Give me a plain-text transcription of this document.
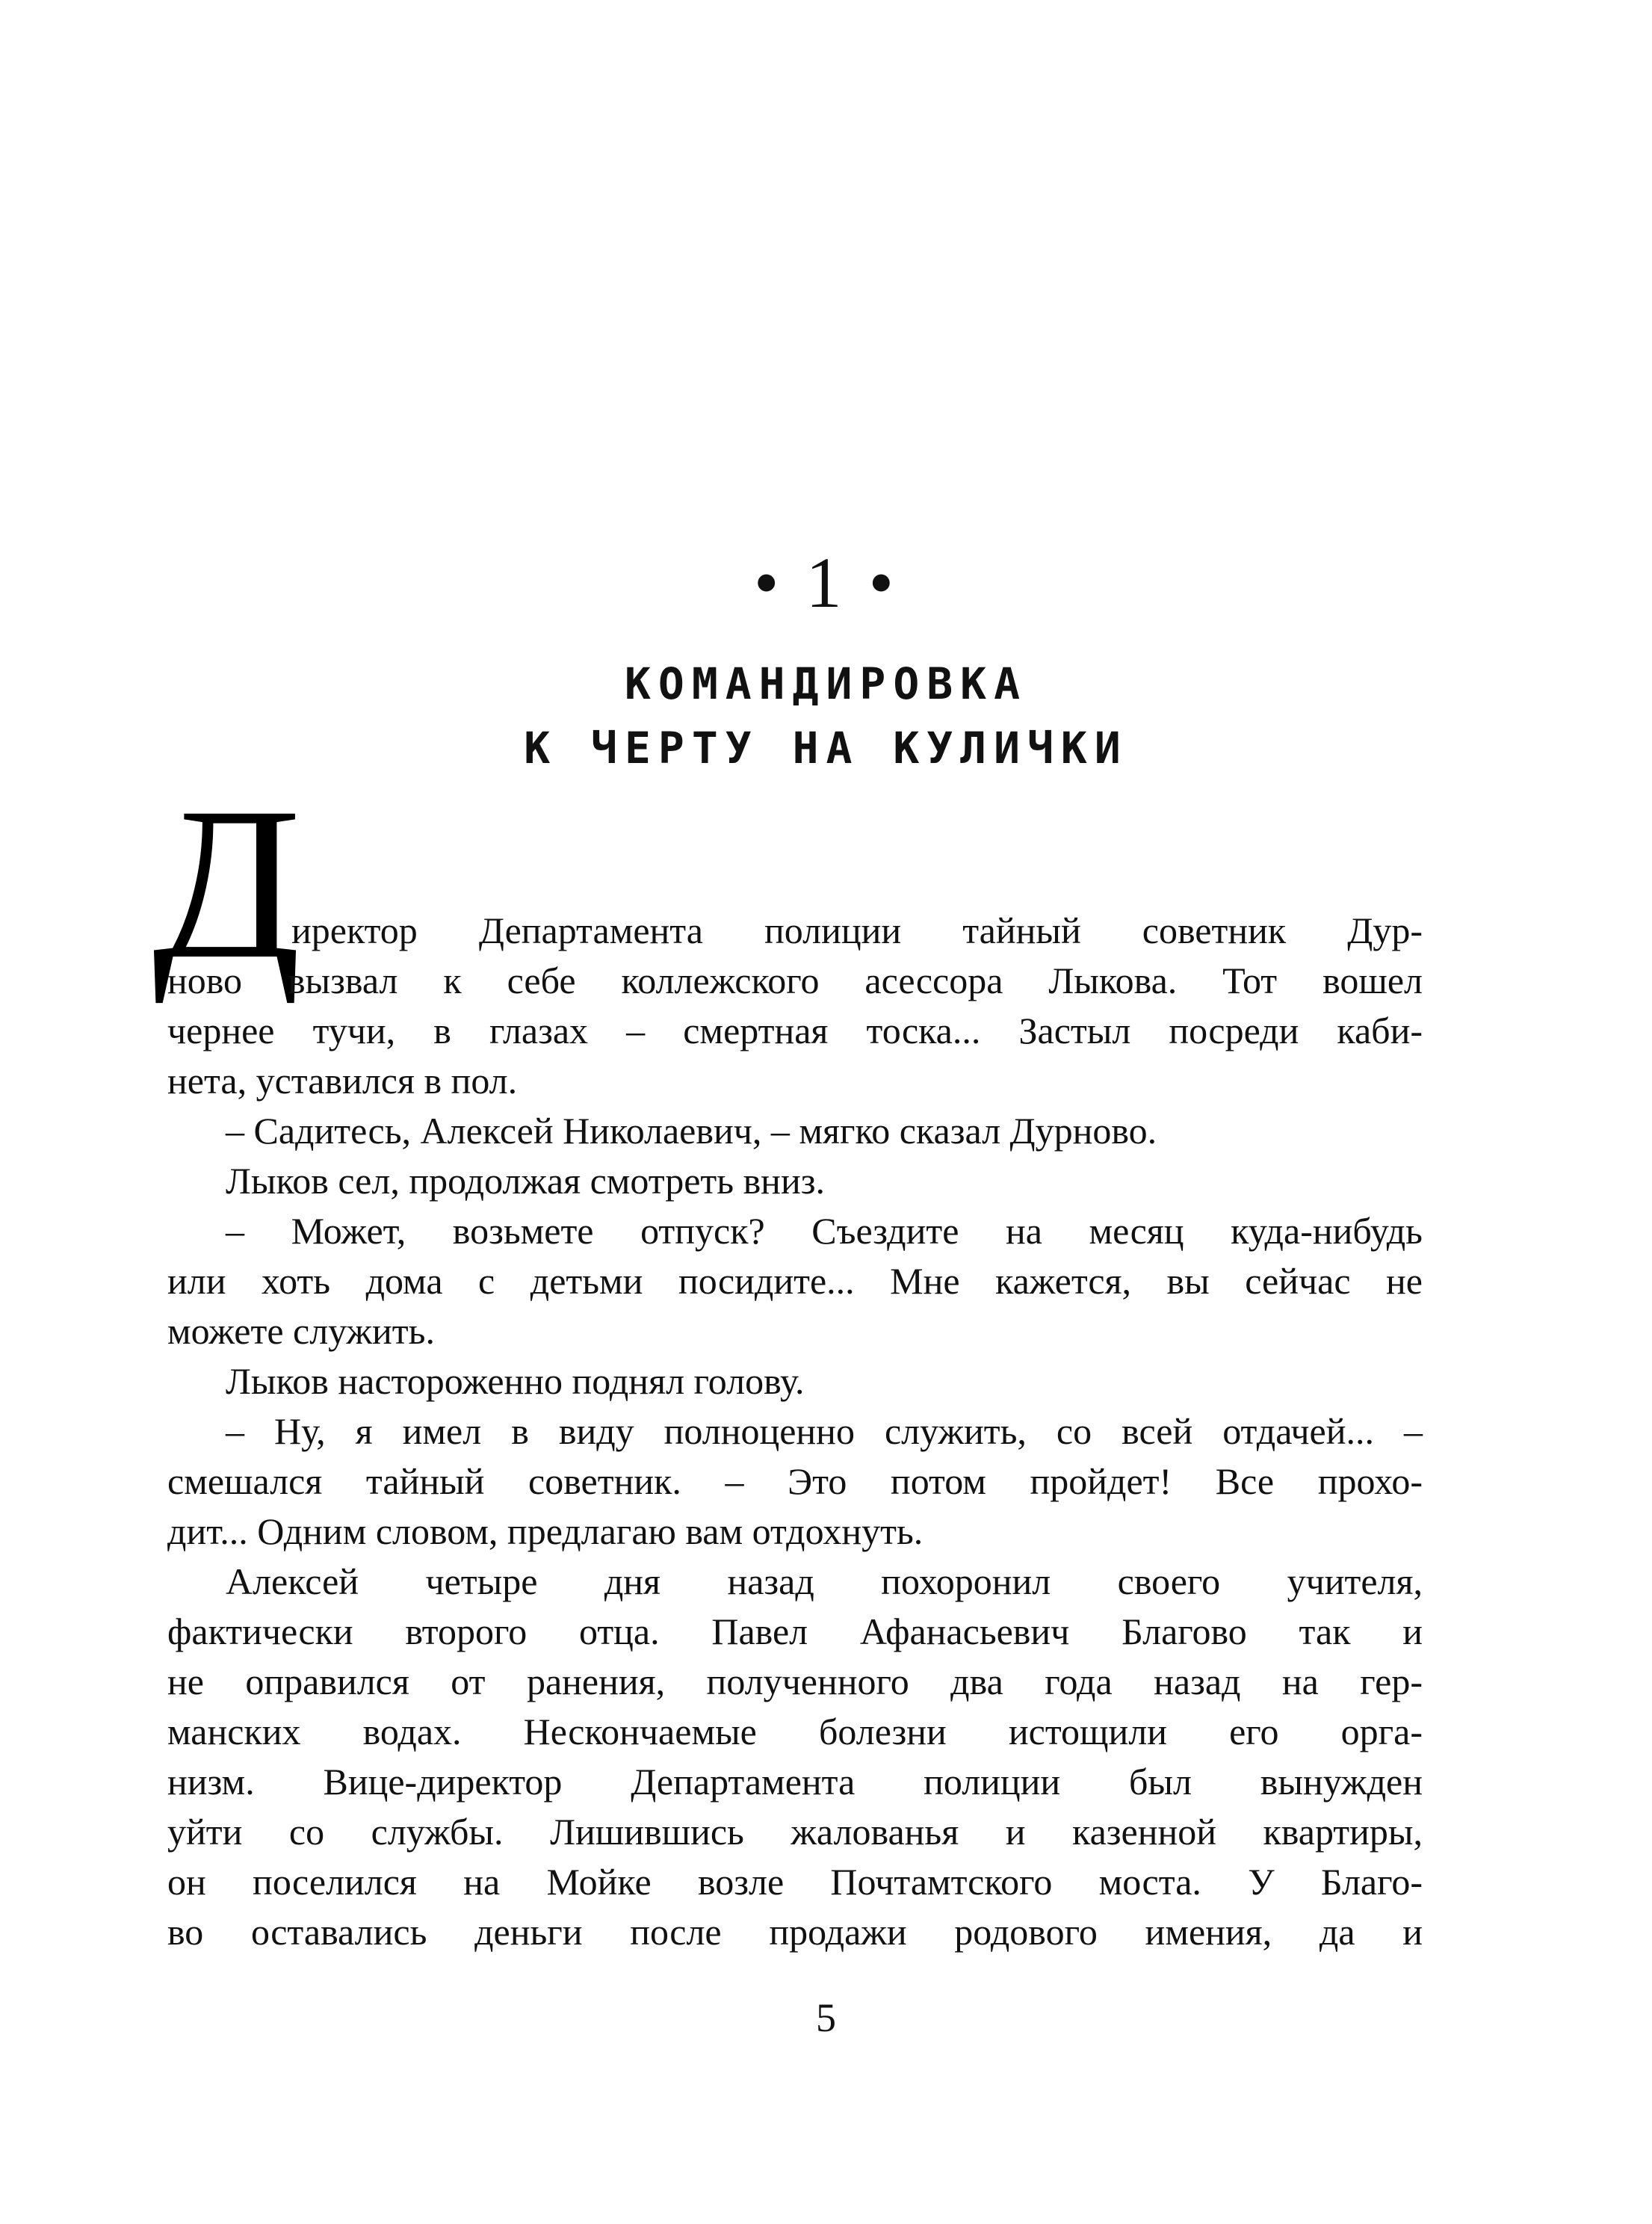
• 1 •
КОМАНДИРОВКА
К ЧЕРТУ НА КУЛИЧКИ
Д
иректор Департамента полиции тайный советник Дур-
ново вызвал к себе коллежского асессора Лыкова. Тот вошел
чернее тучи, в глазах – смертная тоска... Застыл посреди каби-
нета, уставился в пол.
– Садитесь, Алексей Николаевич, – мягко сказал Дурново.
Лыков сел, продолжая смотреть вниз.
– Может, возьмете отпуск? Съездите на месяц куда-нибудь
или хоть дома с детьми посидите... Мне кажется, вы сейчас не
можете служить.
Лыков настороженно поднял голову.
– Ну, я имел в виду полноценно служить, со всей отдачей... –
смешался тайный советник. – Это потом пройдет! Все прохо-
дит... Одним словом, предлагаю вам отдохнуть.
Алексей четыре дня назад похоронил своего учителя,
фактически второго отца. Павел Афанасьевич Благово так и
не оправился от ранения, полученного два года назад на гер-
манских водах. Нескончаемые болезни истощили его орга-
низм. Вице-директор Департамента полиции был вынужден
уйти со службы. Лишившись жалованья и казенной квартиры,
он поселился на Мойке возле Почтамтского моста. У Благо-
во оставались деньги после продажи родового имения, да и
5
